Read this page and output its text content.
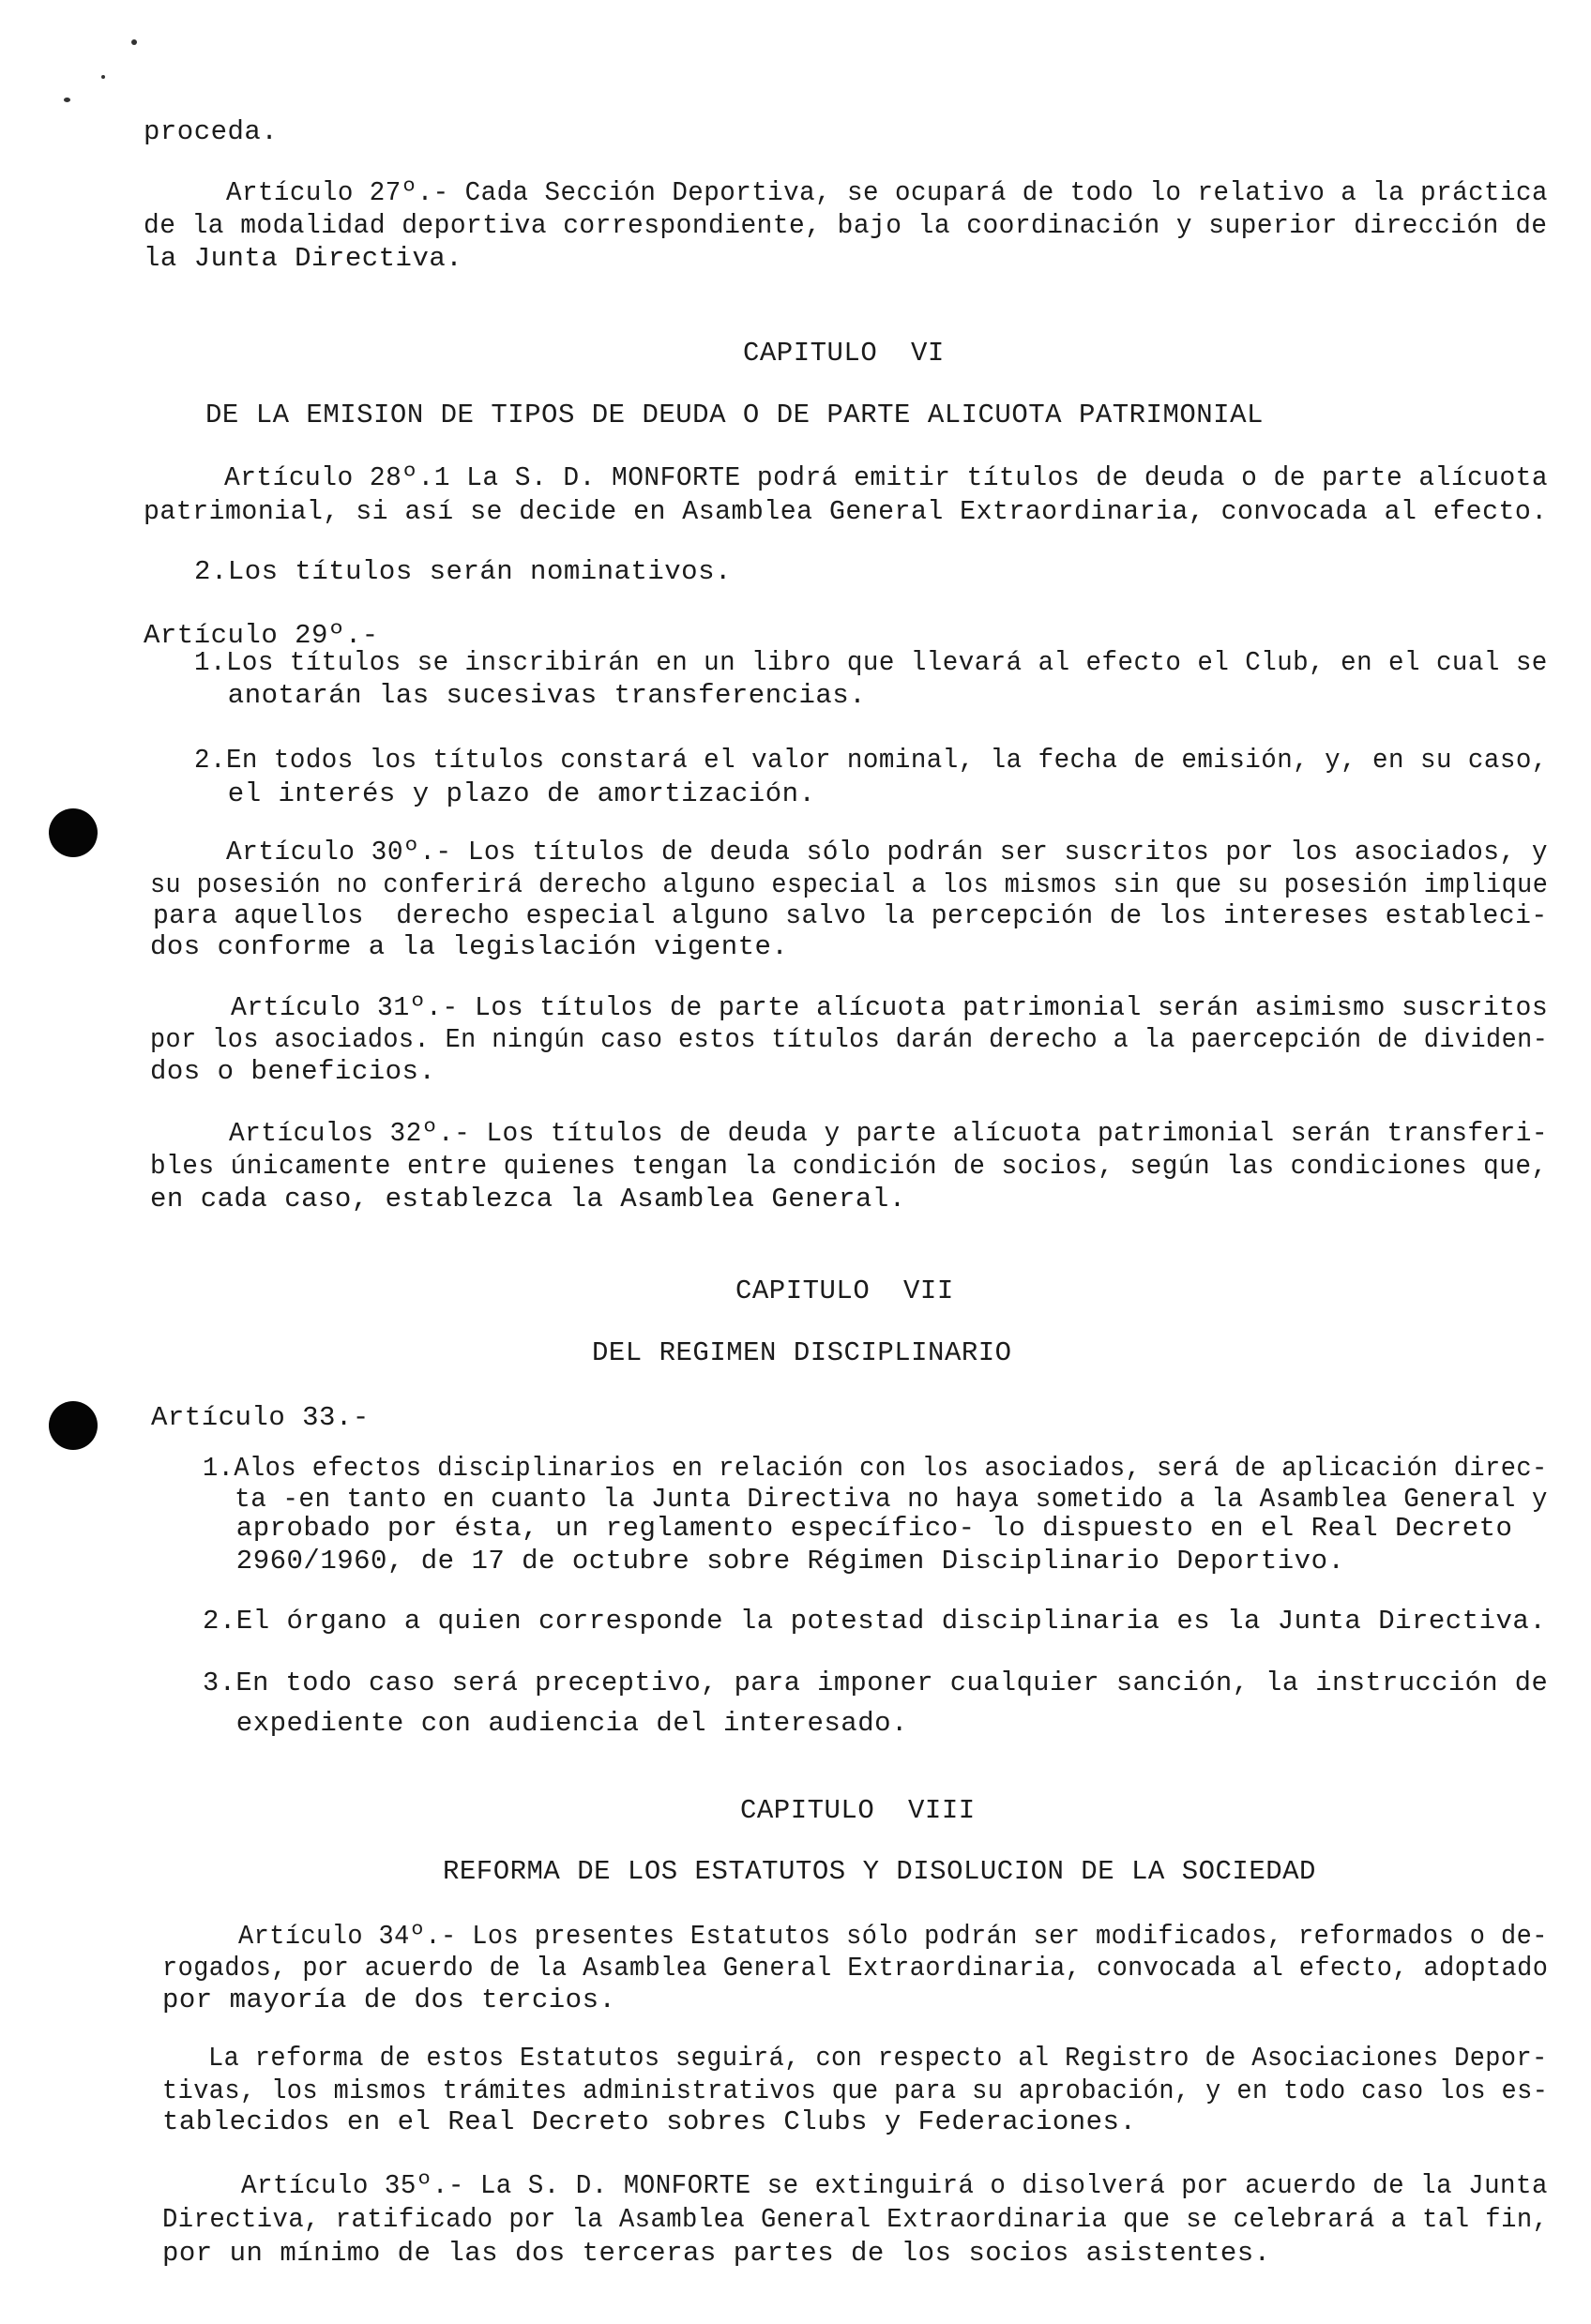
proceda.
Artículo 27º.- Cada Sección Deportiva, se ocupará de todo lo relativo a la práctica
de la modalidad deportiva correspondiente, bajo la coordinación y superior dirección de
la Junta Directiva.
CAPITULO  VI
DE LA EMISION DE TIPOS DE DEUDA O DE PARTE ALICUOTA PATRIMONIAL
Artículo 28º.1 La S. D. MONFORTE podrá emitir títulos de deuda o de parte alícuota
patrimonial, si así se decide en Asamblea General Extraordinaria, convocada al efecto.
2.Los títulos serán nominativos.
Artículo 29º.-
1.Los títulos se inscribirán en un libro que llevará al efecto el Club, en el cual se
anotarán las sucesivas transferencias.
2.En todos los títulos constará el valor nominal, la fecha de emisión, y, en su caso,
el interés y plazo de amortización.
Artículo 30º.- Los títulos de deuda sólo podrán ser suscritos por los asociados, y
su posesión no conferirá derecho alguno especial a los mismos sin que su posesión implique
para aquellos  derecho especial alguno salvo la percepción de los intereses estableci-
dos conforme a la legislación vigente.
Artículo 31º.- Los títulos de parte alícuota patrimonial serán asimismo suscritos
por los asociados. En ningún caso estos títulos darán derecho a la paercepción de dividen-
dos o beneficios.
Artículos 32º.- Los títulos de deuda y parte alícuota patrimonial serán transferi-
bles únicamente entre quienes tengan la condición de socios, según las condiciones que,
en cada caso, establezca la Asamblea General.
CAPITULO  VII
DEL REGIMEN DISCIPLINARIO
Artículo 33.-
1.Alos efectos disciplinarios en relación con los asociados, será de aplicación direc-
ta -en tanto en cuanto la Junta Directiva no haya sometido a la Asamblea General y
aprobado por ésta, un reglamento específico- lo dispuesto en el Real Decreto
2960/1960, de 17 de octubre sobre Régimen Disciplinario Deportivo.
2.El órgano a quien corresponde la potestad disciplinaria es la Junta Directiva.
3.En todo caso será preceptivo, para imponer cualquier sanción, la instrucción de
expediente con audiencia del interesado.
CAPITULO  VIII
REFORMA DE LOS ESTATUTOS Y DISOLUCION DE LA SOCIEDAD
Artículo 34º.- Los presentes Estatutos sólo podrán ser modificados, reformados o de-
rogados, por acuerdo de la Asamblea General Extraordinaria, convocada al efecto, adoptado
por mayoría de dos tercios.
La reforma de estos Estatutos seguirá, con respecto al Registro de Asociaciones Depor-
tivas, los mismos trámites administrativos que para su aprobación, y en todo caso los es-
tablecidos en el Real Decreto sobres Clubs y Federaciones.
Artículo 35º.- La S. D. MONFORTE se extinguirá o disolverá por acuerdo de la Junta
Directiva, ratificado por la Asamblea General Extraordinaria que se celebrará a tal fin,
por un mínimo de las dos terceras partes de los socios asistentes.
